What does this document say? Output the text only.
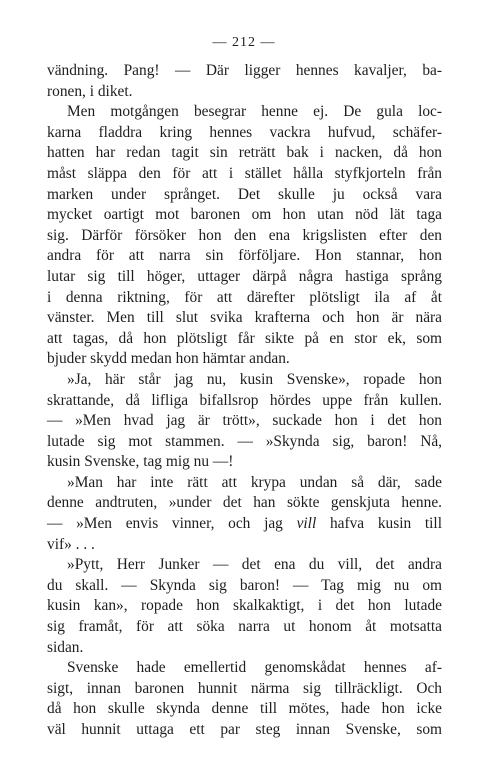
— 212 —
vändning. Pang! — Där ligger hennes kavaljer, ba-
ronen, i diket.
Men motgången besegrar henne ej. De gula loc-
karna fladdra kring hennes vackra hufvud, schäfer-
hatten har redan tagit sin reträtt bak i nacken, då hon
måst släppa den för att i stället hålla styfkjorteln från
marken under språnget. Det skulle ju också vara
mycket oartigt mot baronen om hon utan nöd lät taga
sig. Därför försöker hon den ena krigslisten efter den
andra för att narra sin förföljare. Hon stannar, hon
lutar sig till höger, uttager därpå några hastiga språng
i denna riktning, för att därefter plötsligt ila af åt
vänster. Men till slut svika krafterna och hon är nära
att tagas, då hon plötsligt får sikte på en stor ek, som
bjuder skydd medan hon hämtar andan.
»Ja, här står jag nu, kusin Svenske», ropade hon
skrattande, då lifliga bifallsrop hördes uppe från kullen.
— »Men hvad jag är trött», suckade hon i det hon
lutade sig mot stammen. — »Skynda sig, baron! Nå,
kusin Svenske, tag mig nu —!
»Man har inte rätt att krypa undan så där, sade
denne andtruten, »under det han sökte genskjuta henne.
— »Men envis vinner, och jag vill hafva kusin till
vif» . . .
»Pytt, Herr Junker — det ena du vill, det andra
du skall. — Skynda sig baron! — Tag mig nu om
kusin kan», ropade hon skalkaktigt, i det hon lutade
sig framåt, för att söka narra ut honom åt motsatta
sidan.
Svenske hade emellertid genomskådat hennes af-
sigt, innan baronen hunnit närma sig tillräckligt. Och
då hon skulle skynda denne till mötes, hade hon icke
väl hunnit uttaga ett par steg innan Svenske, som
